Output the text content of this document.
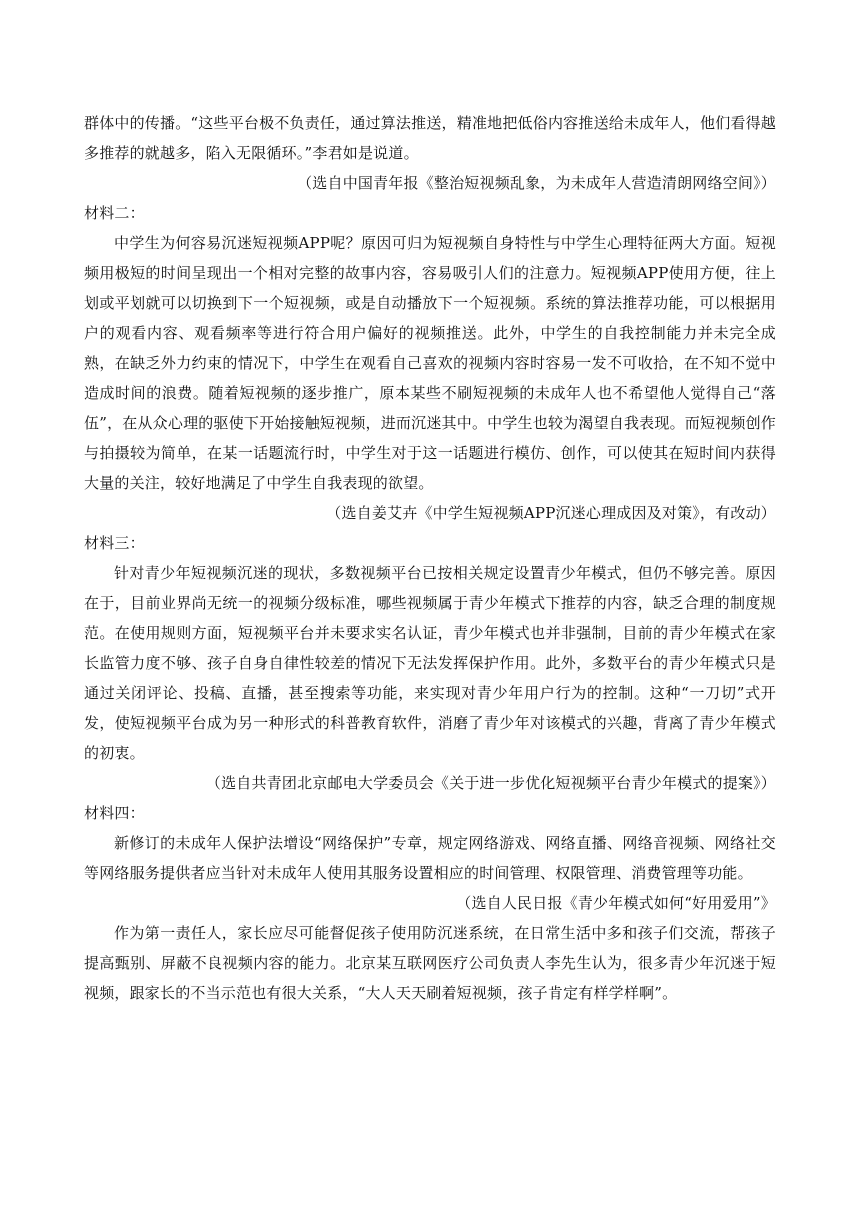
群体中的传播。“这些平台极不负责任，通过算法推送，精准地把低俗内容推送给未成年人，他们看得越多推荐的就越多，陷入无限循环。”李君如是说道。

（选自中国青年报《整治短视频乱象，为未成年人营造清朗网络空间》）

材料二：

中学生为何容易沉迷短视频APP呢？原因可归为短视频自身特性与中学生心理特征两大方面。短视频用极短的时间呈现出一个相对完整的故事内容，容易吸引人们的注意力。短视频APP使用方便，往上划或平划就可以切换到下一个短视频，或是自动播放下一个短视频。系统的算法推荐功能，可以根据用户的观看内容、观看频率等进行符合用户偏好的视频推送。此外，中学生的自我控制能力并未完全成熟，在缺乏外力约束的情况下，中学生在观看自己喜欢的视频内容时容易一发不可收拾，在不知不觉中造成时间的浪费。随着短视频的逐步推广，原本某些不刷短视频的未成年人也不希望他人觉得自己“落伍”，在从众心理的驱使下开始接触短视频，进而沉迷其中。中学生也较为渴望自我表现。而短视频创作与拍摄较为简单，在某一话题流行时，中学生对于这一话题进行模仿、创作，可以使其在短时间内获得大量的关注，较好地满足了中学生自我表现的欲望。

（选自姜艾卉《中学生短视频APP沉迷心理成因及对策》，有改动）

材料三：

针对青少年短视频沉迷的现状，多数视频平台已按相关规定设置青少年模式，但仍不够完善。原因在于，目前业界尚无统一的视频分级标准，哪些视频属于青少年模式下推荐的内容，缺乏合理的制度规范。在使用规则方面，短视频平台并未要求实名认证，青少年模式也并非强制，目前的青少年模式在家长监管力度不够、孩子自身自律性较差的情况下无法发挥保护作用。此外，多数平台的青少年模式只是通过关闭评论、投稿、直播，甚至搜索等功能，来实现对青少年用户行为的控制。这种“一刀切”式开发，使短视频平台成为另一种形式的科普教育软件，消磨了青少年对该模式的兴趣，背离了青少年模式的初衷。

（选自共青团北京邮电大学委员会《关于进一步优化短视频平台青少年模式的提案》）

材料四：

新修订的未成年人保护法增设“网络保护”专章，规定网络游戏、网络直播、网络音视频、网络社交等网络服务提供者应当针对未成年人使用其服务设置相应的时间管理、权限管理、消费管理等功能。

（选自人民日报《青少年模式如何“好用爱用”》

作为第一责任人，家长应尽可能督促孩子使用防沉迷系统，在日常生活中多和孩子们交流，帮孩子提高甄别、屏蔽不良视频内容的能力。北京某互联网医疗公司负责人李先生认为，很多青少年沉迷于短视频，跟家长的不当示范也有很大关系，“大人天天刷着短视频，孩子肯定有样学样啊”。
